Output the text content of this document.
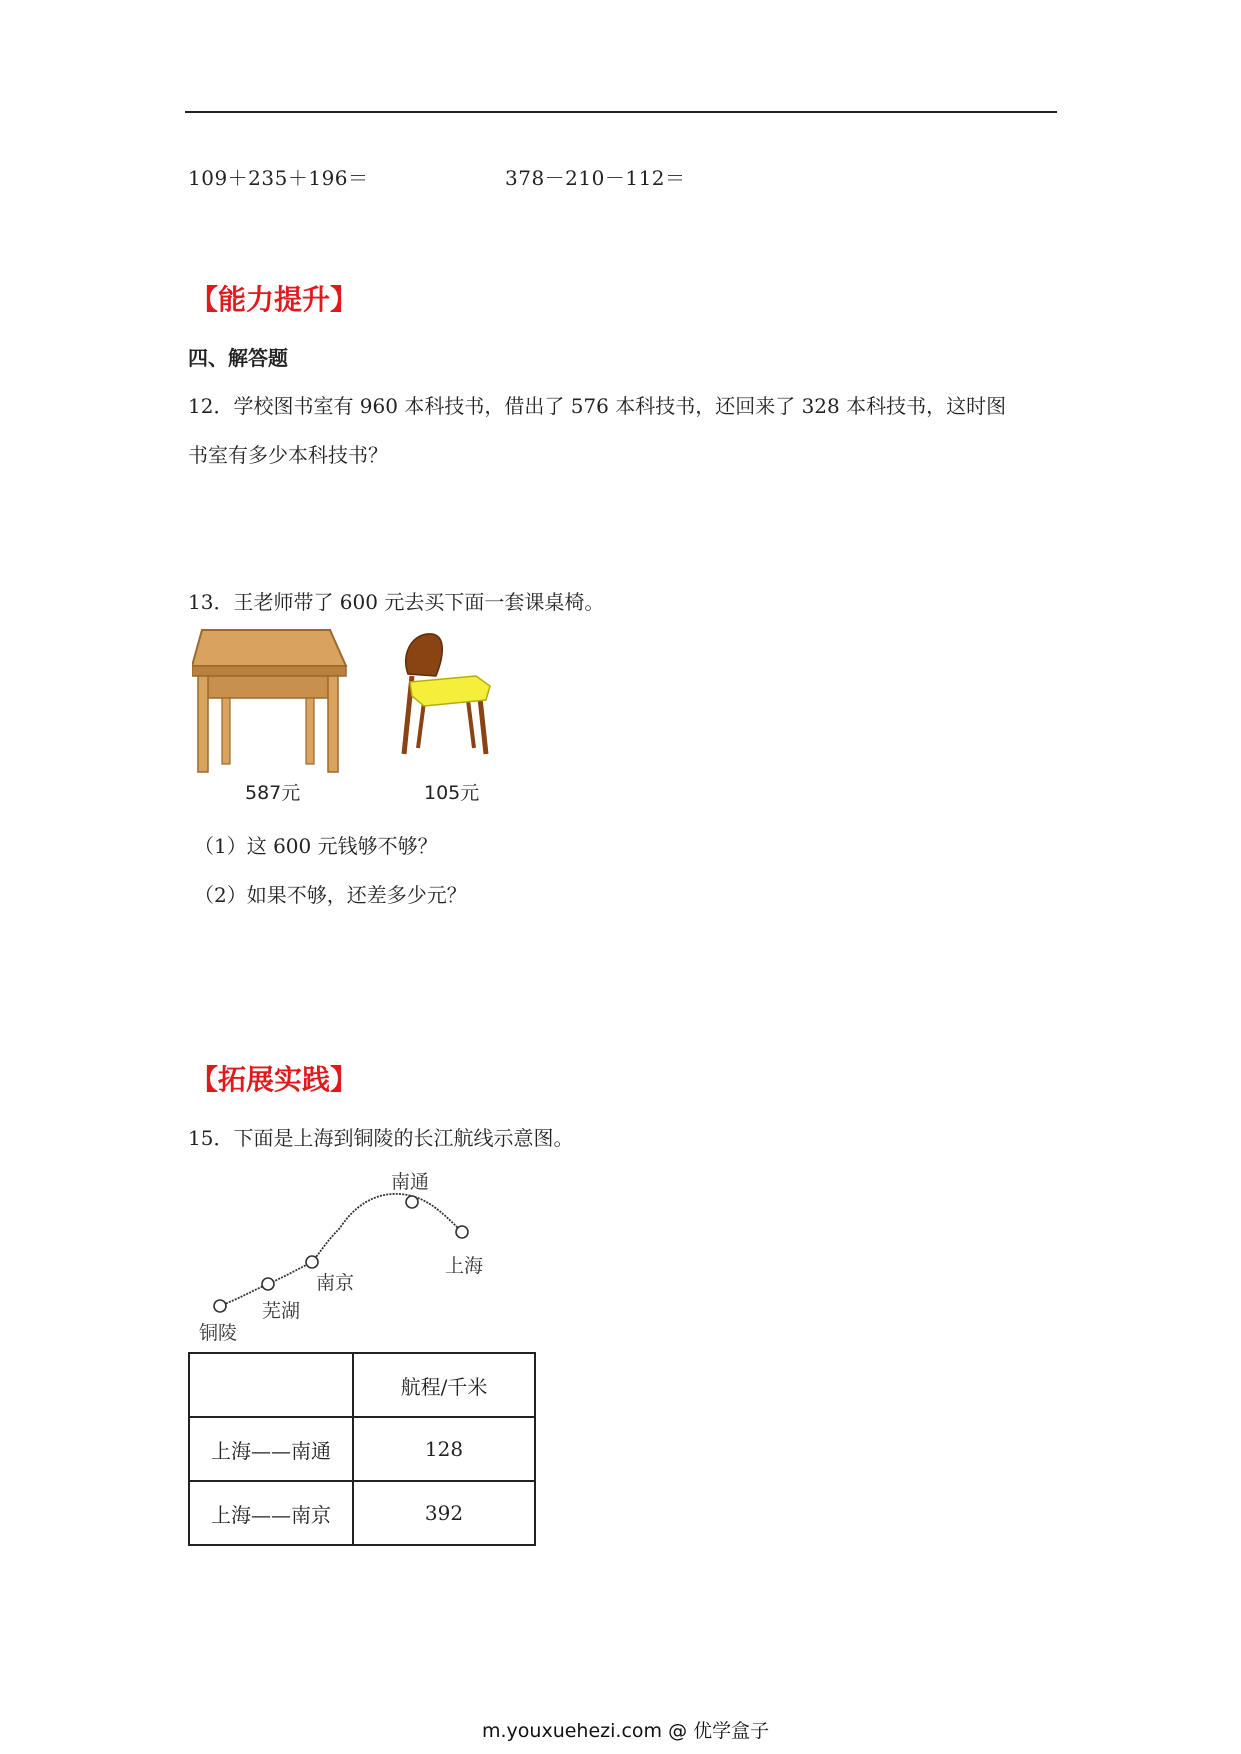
109＋235＋196＝	378－210－112＝
【能力提升】
四、解答题
12．学校图书室有 960 本科技书，借出了 576 本科技书，还回来了 328 本科技书，这时图
书室有多少本科技书？
13．王老师带了 600 元去买下面一套课桌椅。
587元	105元
（1）这 600 元钱够不够？
（2）如果不够，还差多少元？
【拓展实践】
15．下面是上海到铜陵的长江航线示意图。
南通
上海
南京
芜湖
铜陵
	航程/千米
上海——南通	128
上海——南京	392
m.youxuehezi.com @ 优学盒子
